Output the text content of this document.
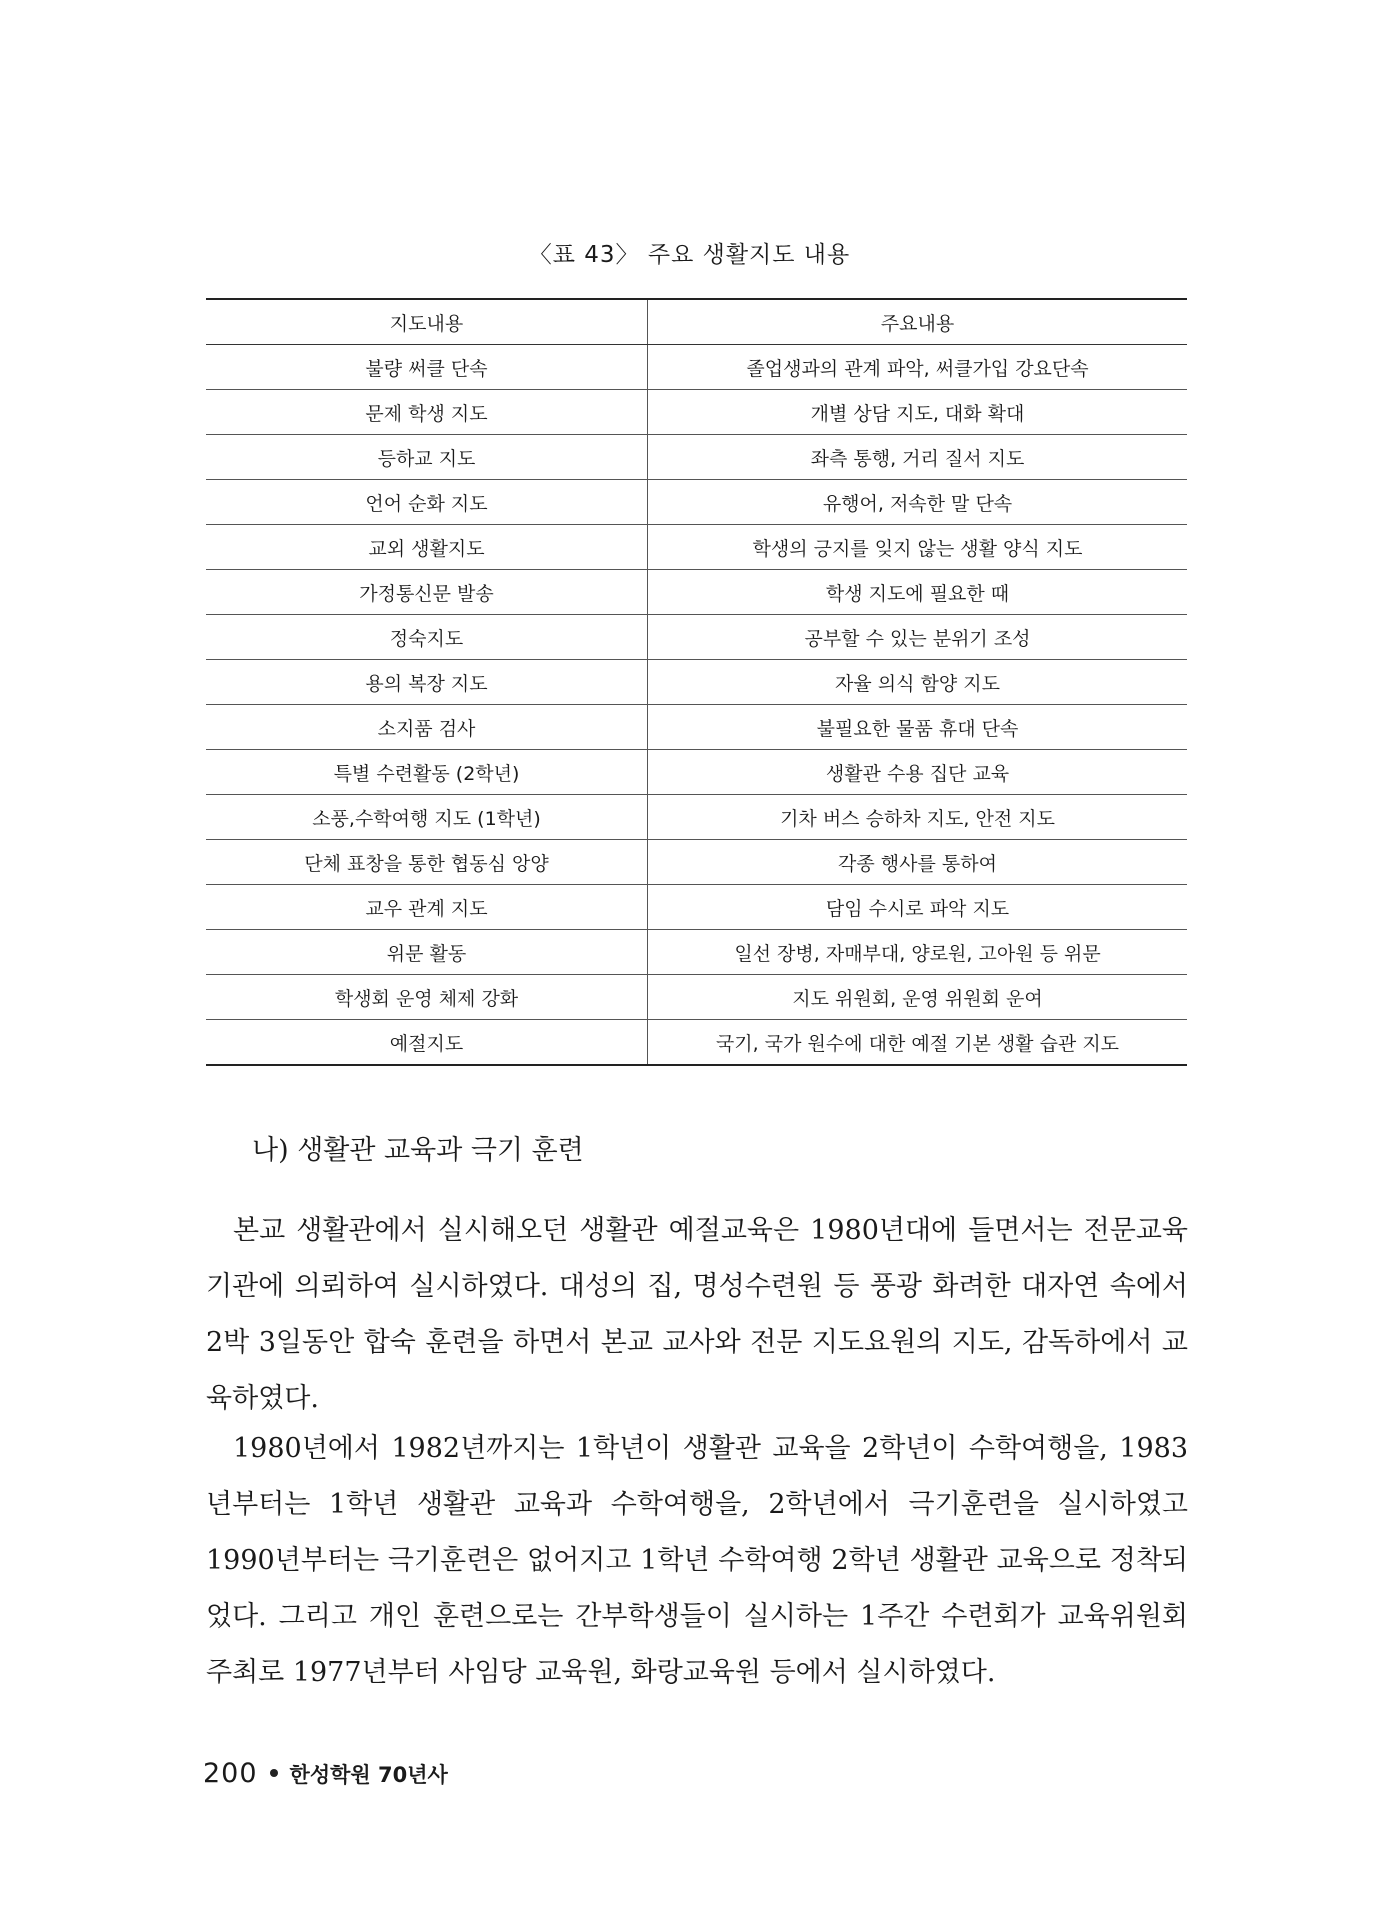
〈표 43〉 주요 생활지도 내용
지도내용	주요내용
불량 써클 단속	졸업생과의 관계 파악, 써클가입 강요단속
문제 학생 지도	개별 상담 지도, 대화 확대
등하교 지도	좌측 통행, 거리 질서 지도
언어 순화 지도	유행어, 저속한 말 단속
교외 생활지도	학생의 긍지를 잊지 않는 생활 양식 지도
가정통신문 발송	학생 지도에 필요한 때
정숙지도	공부할 수 있는 분위기 조성
용의 복장 지도	자율 의식 함양 지도
소지품 검사	불필요한 물품 휴대 단속
특별 수련활동 (2학년)	생활관 수용 집단 교육
소풍,수학여행 지도 (1학년)	기차 버스 승하차 지도, 안전 지도
단체 표창을 통한 협동심 앙양	각종 행사를 통하여
교우 관계 지도	담임 수시로 파악 지도
위문 활동	일선 장병, 자매부대, 양로원, 고아원 등 위문
학생회 운영 체제 강화	지도 위원회, 운영 위원회 운여
예절지도	국기, 국가 원수에 대한 예절 기본 생활 습관 지도
나) 생활관 교육과 극기 훈련

본교 생활관에서 실시해오던 생활관 예절교육은 1980년대에 들면서는 전문교육기관에 의뢰하여 실시하였다. 대성의 집, 명성수련원 등 풍광 화려한 대자연 속에서 2박 3일동안 합숙 훈련을 하면서 본교 교사와 전문 지도요원의 지도, 감독하에서 교육하였다.

1980년에서 1982년까지는 1학년이 생활관 교육을 2학년이 수학여행을, 1983년부터는 1학년 생활관 교육과 수학여행을, 2학년에서 극기훈련을 실시하였고 1990년부터는 극기훈련은 없어지고 1학년 수학여행 2학년 생활관 교육으로 정착되었다. 그리고 개인 훈련으로는 간부학생들이 실시하는 1주간 수련회가 교육위원회 주최로 1977년부터 사임당 교육원, 화랑교육원 등에서 실시하였다.

200 한성학원 70년사
